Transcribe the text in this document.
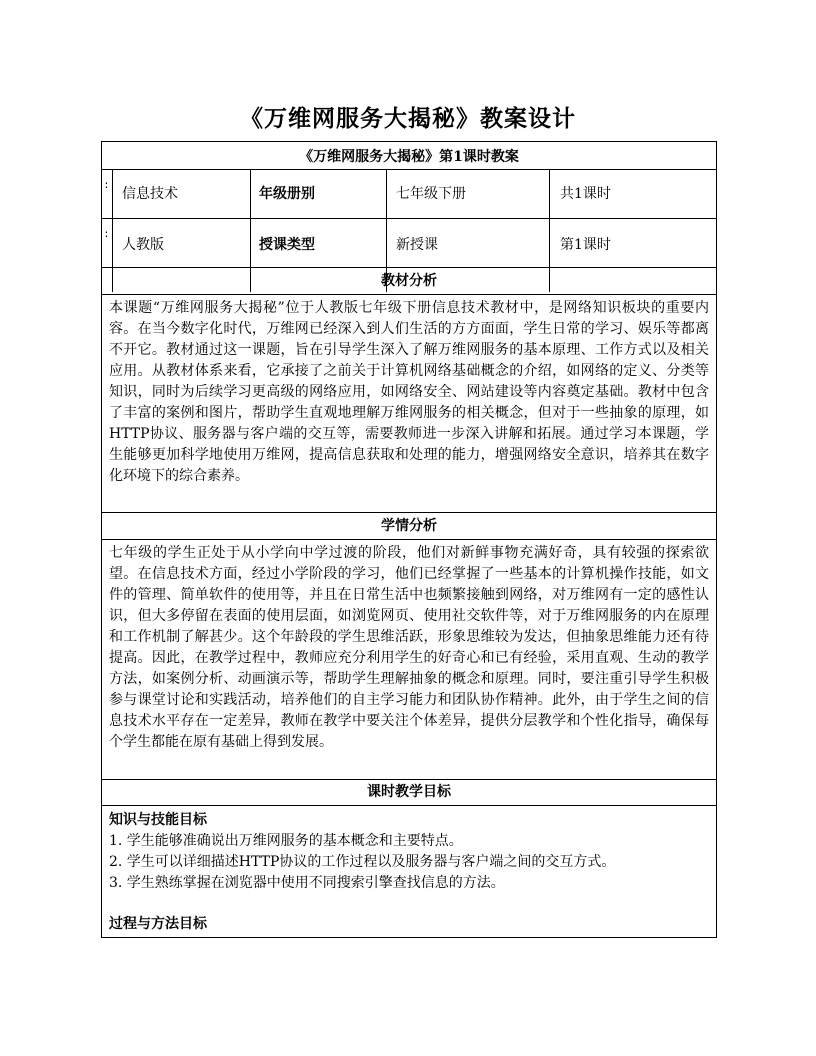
《万维网服务大揭秘》教案设计
《万维网服务大揭秘》第1课时教案
∶
信息技术	年级册别	七年级下册	共1课时
∶
人教版	授课类型	新授课	第1课时
教材分析
本课题“万维网服务大揭秘”位于人教版七年级下册信息技术教材中，是网络知识板块的重要内容。在当今数字化时代，万维网已经深入到人们生活的方方面面，学生日常的学习、娱乐等都离不开它。教材通过这一课题，旨在引导学生深入了解万维网服务的基本原理、工作方式以及相关应用。从教材体系来看，它承接了之前关于计算机网络基础概念的介绍，如网络的定义、分类等知识，同时为后续学习更高级的网络应用，如网络安全、网站建设等内容奠定基础。教材中包含了丰富的案例和图片，帮助学生直观地理解万维网服务的相关概念，但对于一些抽象的原理，如HTTP协议、服务器与客户端的交互等，需要教师进一步深入讲解和拓展。通过学习本课题，学生能够更加科学地使用万维网，提高信息获取和处理的能力，增强网络安全意识，培养其在数字化环境下的综合素养。
学情分析
七年级的学生正处于从小学向中学过渡的阶段，他们对新鲜事物充满好奇，具有较强的探索欲望。在信息技术方面，经过小学阶段的学习，他们已经掌握了一些基本的计算机操作技能，如文件的管理、简单软件的使用等，并且在日常生活中也频繁接触到网络，对万维网有一定的感性认识，但大多停留在表面的使用层面，如浏览网页、使用社交软件等，对于万维网服务的内在原理和工作机制了解甚少。这个年龄段的学生思维活跃，形象思维较为发达，但抽象思维能力还有待提高。因此，在教学过程中，教师应充分利用学生的好奇心和已有经验，采用直观、生动的教学方法，如案例分析、动画演示等，帮助学生理解抽象的概念和原理。同时，要注重引导学生积极参与课堂讨论和实践活动，培养他们的自主学习能力和团队协作精神。此外，由于学生之间的信息技术水平存在一定差异，教师在教学中要关注个体差异，提供分层教学和个性化指导，确保每个学生都能在原有基础上得到发展。
课时教学目标
知识与技能目标
1. 学生能够准确说出万维网服务的基本概念和主要特点。
2. 学生可以详细描述HTTP协议的工作过程以及服务器与客户端之间的交互方式。
3. 学生熟练掌握在浏览器中使用不同搜索引擎查找信息的方法。
过程与方法目标
